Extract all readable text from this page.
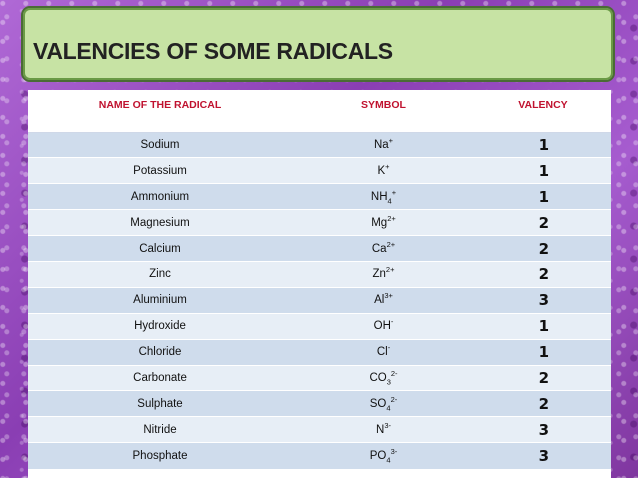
VALENCIES OF SOME RADICALS
NAME OF THE RADICAL	SYMBOL	VALENCY
Sodium	Na+	1
Potassium	K+	1
Ammonium	$NH_4^+$	1
Magnesium	$Mg^{2+}$	2
Calcium	$Ca^{2+}$	2
Zinc	$Zn^{2+}$	2
Aluminium	$Al^{3+}$	3
Hydroxide	OH-	1
Chloride	Cl-	1
Carbonate	$CO_3^{2-}$	2
Sulphate	$SO_4^{2-}$	2
Nitride	$N^{3-}$	3
Phosphate	$PO_4^{3-}$	3
